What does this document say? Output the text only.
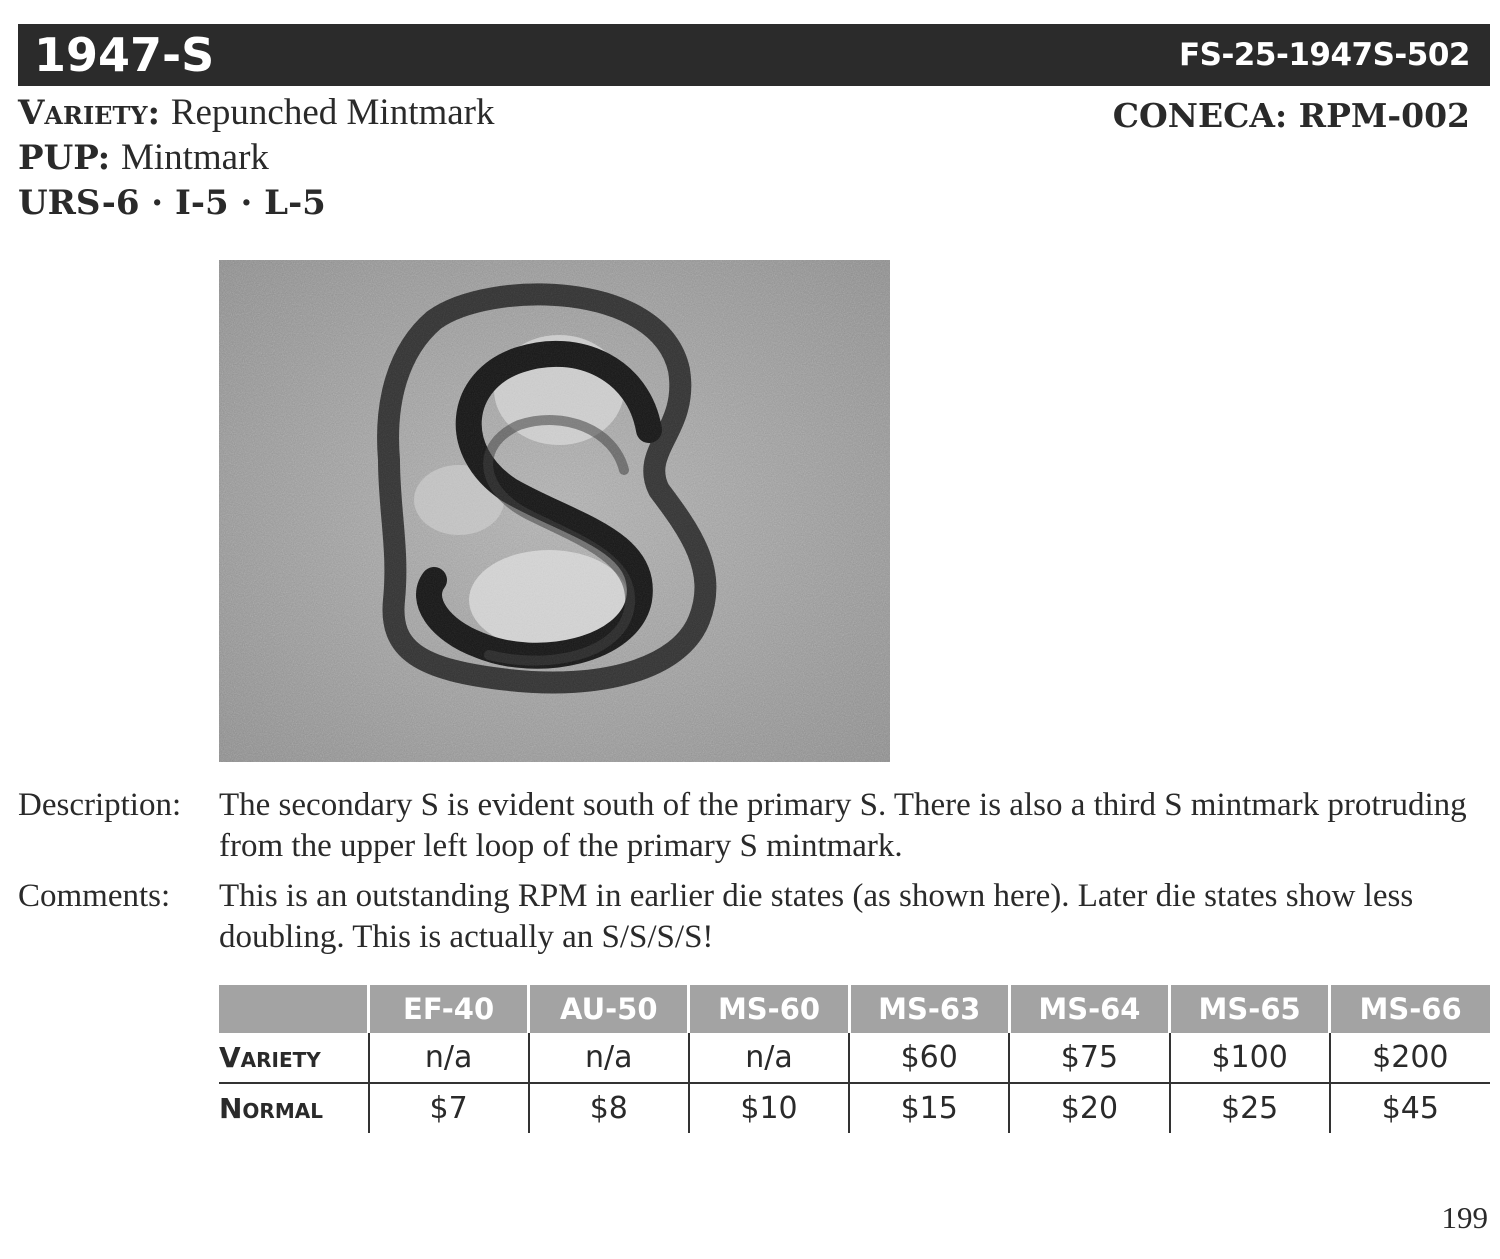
1947-S	FS-25-1947S-502
Variety: Repunched Mintmark
PUP: Mintmark
URS-6 · I-5 · L-5
CONECA: RPM-002
Description: The secondary S is evident south of the primary S. There is also a third S mintmark protruding from the upper left loop of the primary S mintmark.
Comments: This is an outstanding RPM in earlier die states (as shown here). Later die states show less doubling. This is actually an S/S/S/S!
	EF-40	AU-50	MS-60	MS-63	MS-64	MS-65	MS-66
Variety	n/a	n/a	n/a	$60	$75	$100	$200
Normal	$7	$8	$10	$15	$20	$25	$45
199
